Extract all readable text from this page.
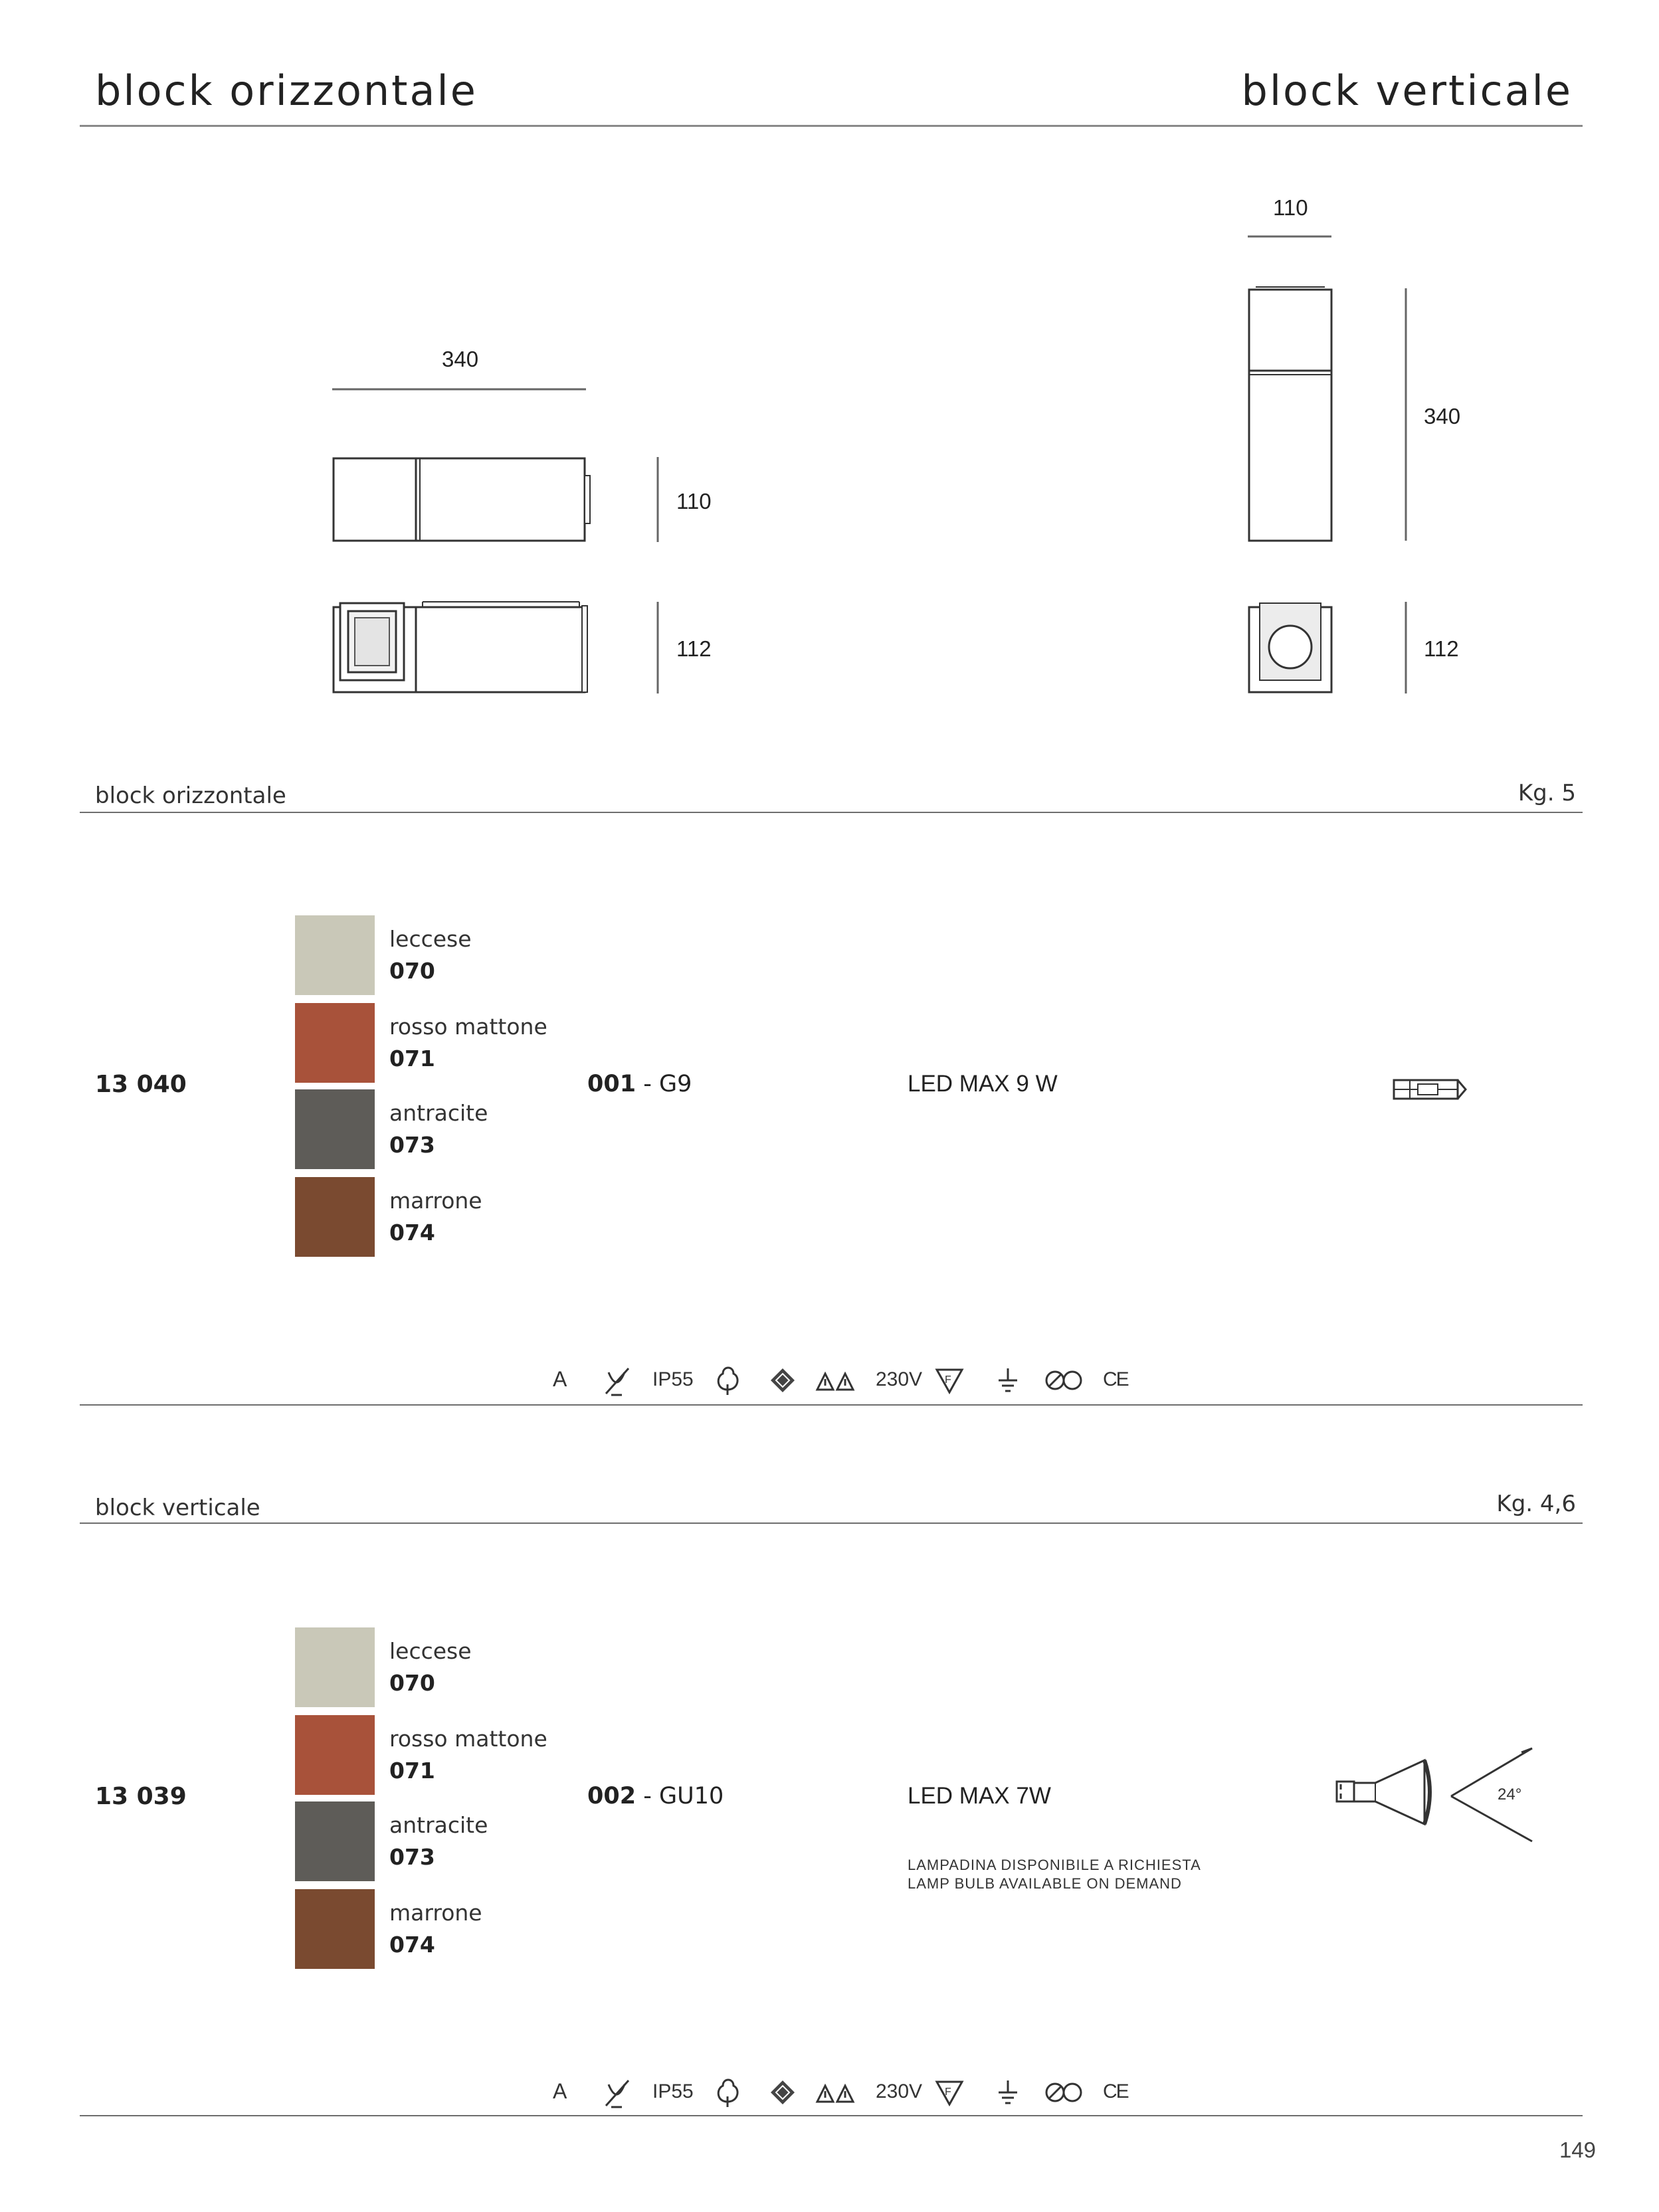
block orizzontale	block verticale
340
110
112
110
340
112
block orizzontale	Kg. 5
13 040
leccese
070
rosso mattone
071
antracite
073
marrone
074
001 - G9	LED MAX 9 W
A	IP55	230V F	CE
block verticale	Kg. 4,6
13 039
leccese
070
rosso mattone
071
antracite
073
marrone
074
002 - GU10	LED MAX 7W
LAMPADINA DISPONIBILE A RICHIESTA
LAMP BULB AVAILABLE ON DEMAND
24°
A	IP55	230V F	CE
149
